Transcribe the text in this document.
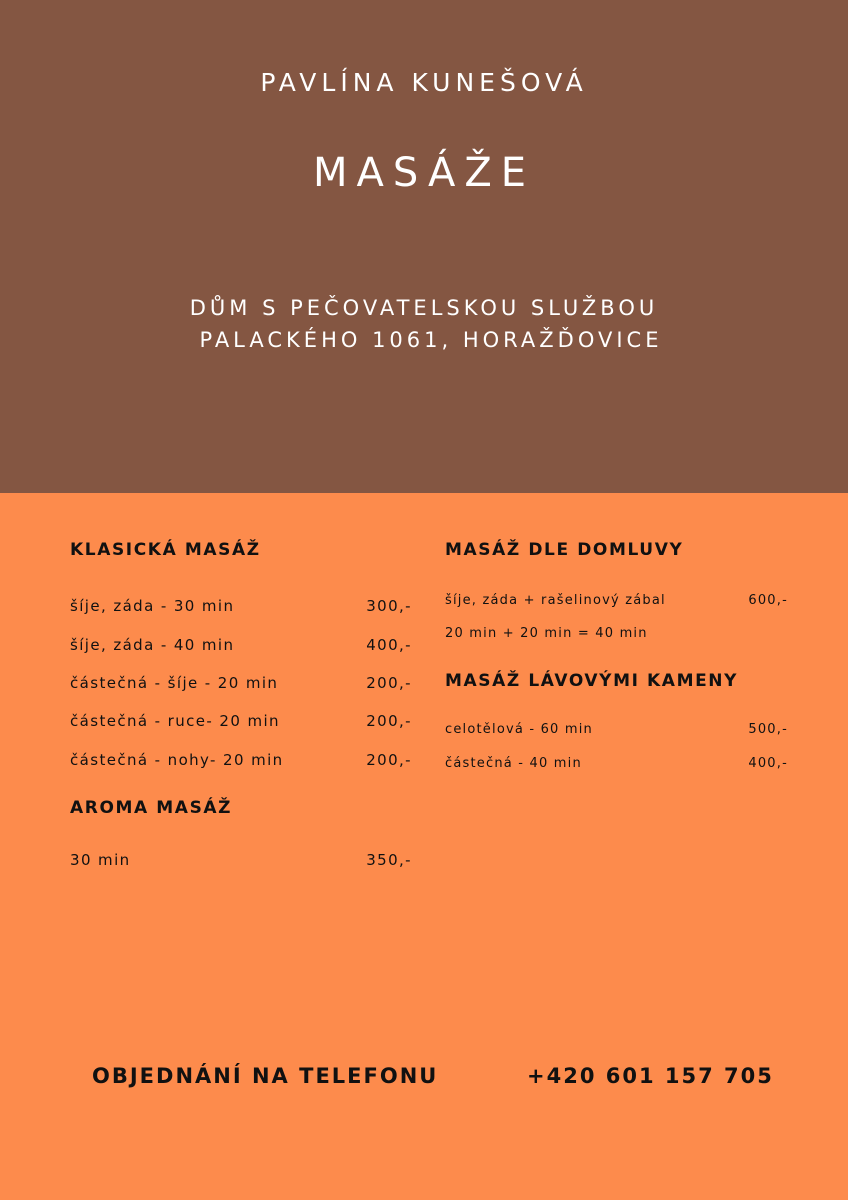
PAVLÍNA KUNEŠOVÁ
MASÁŽE
DŮM S PEČOVATELSKOU SLUŽBOU
PALACKÉHO 1061, HORAŽĎOVICE
KLASICKÁ MASÁŽ
šíje, záda - 30 min	300,-
šíje, záda - 40 min	400,-
částečná - šíje - 20 min	200,-
částečná - ruce- 20 min	200,-
částečná - nohy- 20 min	200,-
AROMA MASÁŽ
30 min	350,-
MASÁŽ DLE DOMLUVY
šíje, záda + rašelinový zábal	600,-
20 min + 20 min = 40 min
MASÁŽ LÁVOVÝMI KAMENY
celotělová - 60 min	500,-
částečná - 40 min	400,-
OBJEDNÁNÍ NA TELEFONU	+420 601 157 705
